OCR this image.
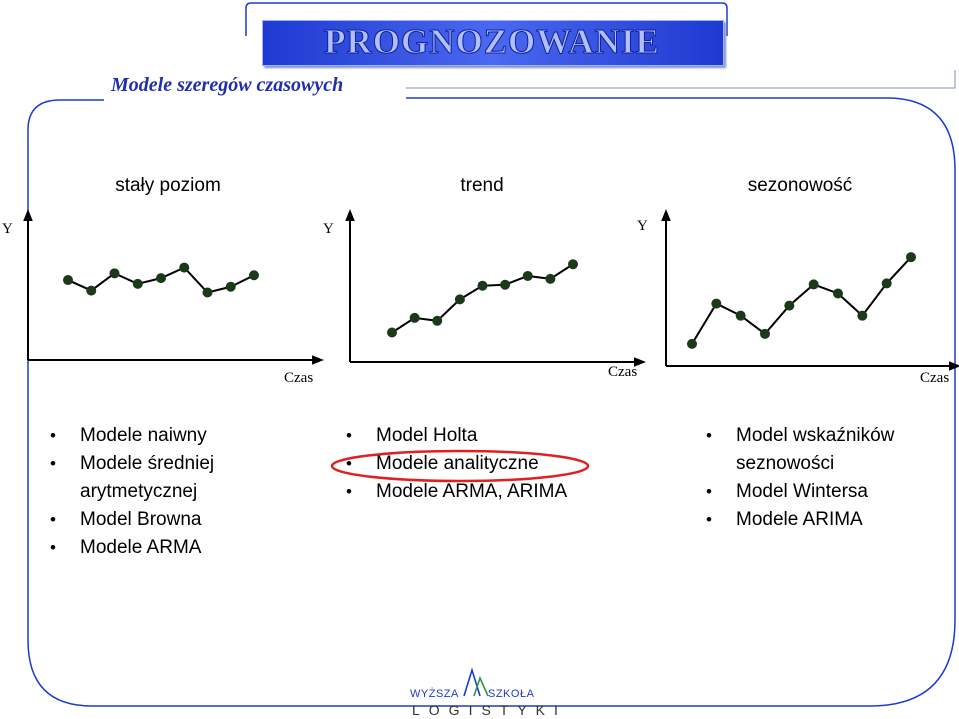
PROGNOZOWANIE
Modele szeregów czasowych
stały poziom	trend	sezonowość
Y	Y	Y
Czas	Czas	Czas
• Modele naiwny
• Modele średniej arytmetycznej
• Model Browna
• Modele ARMA
• Model Holta
• Modele analityczne
• Modele ARMA, ARIMA
• Model wskaźników seznowości
• Model Wintersa
• Modele ARIMA
WYŻSZA	SZKOŁA
LOGISTYKI
